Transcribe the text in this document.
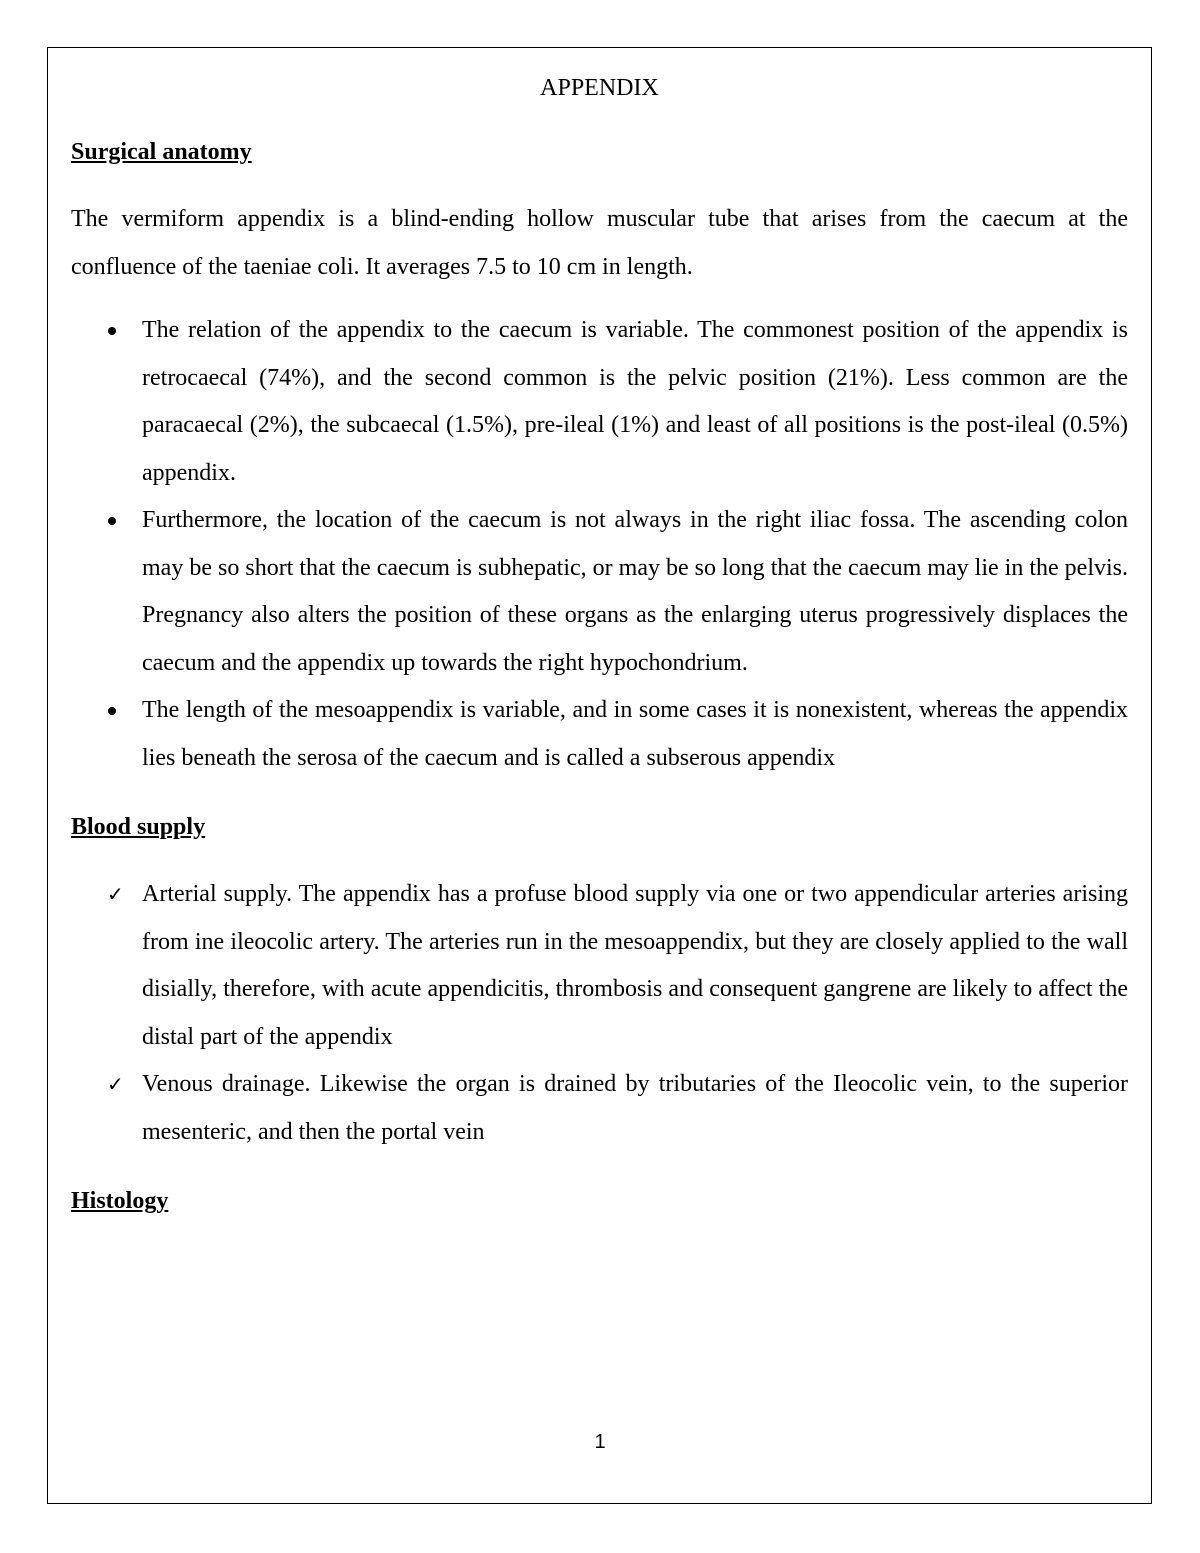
APPENDIX
Surgical anatomy

The vermiform appendix is a blind-ending hollow muscular tube that arises from the caecum at the confluence of the taeniae coli. It averages 7.5 to 10 cm in length.

The relation of the appendix to the caecum is variable. The commonest position of the appendix is retrocaecal (74%), and the second common is the pelvic position (21%). Less common are the paracaecal (2%), the subcaecal (1.5%), pre-ileal (1%) and least of all positions is the post-ileal (0.5%) appendix.
Furthermore, the location of the caecum is not always in the right iliac fossa. The ascending colon may be so short that the caecum is subhepatic, or may be so long that the caecum may lie in the pelvis. Pregnancy also alters the position of these organs as the enlarging uterus progressively displaces the caecum and the appendix up towards the right hypochondrium.
The length of the mesoappendix is variable, and in some cases it is nonexistent, whereas the appendix lies beneath the serosa of the caecum and is called a subserous appendix
Blood supply
✓ Arterial supply. The appendix has a profuse blood supply via one or two appendicular arteries arising from ine ileocolic artery. The arteries run in the mesoappendix, but they are closely applied to the wall disially, therefore, with acute appendicitis, thrombosis and consequent gangrene are likely to affect the distal part of the appendix
✓ Venous drainage. Likewise the organ is drained by tributaries of the Ileocolic vein, to the superior mesenteric, and then the portal vein
Histology
1
